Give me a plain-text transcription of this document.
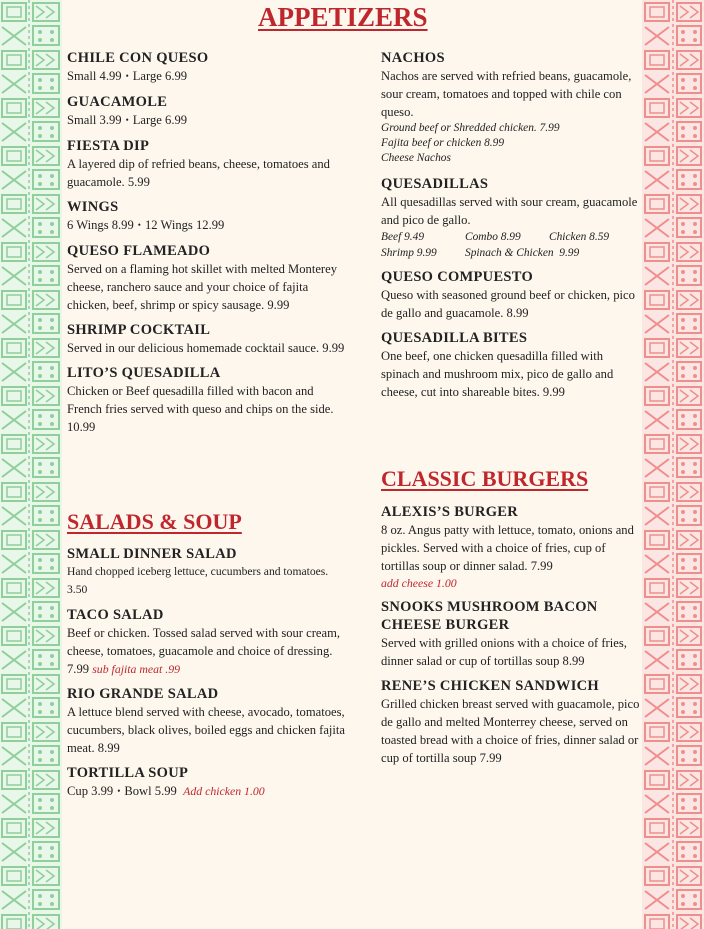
APPETIZERS
CHILE CON QUESO
Small 4.99 • Large 6.99
GUACAMOLE
Small 3.99 • Large 6.99
FIESTA DIP
A layered dip of refried beans, cheese, tomatoes and guacamole. 5.99
WINGS
6 Wings 8.99 • 12 Wings 12.99
QUESO FLAMEADO
Served on a flaming hot skillet with melted Monterey cheese, ranchero sauce and your choice of fajita chicken, beef, shrimp or spicy sausage. 9.99
SHRIMP COCKTAIL
Served in our delicious homemade cocktail sauce. 9.99
LITO’S QUESADILLA
Chicken or Beef quesadilla filled with bacon and French fries served with queso and chips on the side. 10.99
NACHOS
Nachos are served with refried beans, guacamole, sour cream, tomatoes and topped with chile con queso.
Ground beef or Shredded chicken. 7.99
Fajita beef or chicken 8.99
Cheese Nachos
QUESADILLAS
All quesadillas served with sour cream, guacamole and pico de gallo.
Beef 9.49	Combo 8.99	Chicken 8.59
Shrimp 9.99	Spinach & Chicken  9.99
QUESO COMPUESTO
Queso with seasoned ground beef or chicken, pico de gallo and guacamole. 8.99
QUESADILLA BITES
One beef, one chicken quesadilla filled with spinach and mushroom mix, pico de gallo and cheese, cut into shareable bites. 9.99
SALADS & SOUP
SMALL DINNER SALAD
Hand chopped iceberg lettuce, cucumbers and tomatoes. 3.50
TACO SALAD
Beef or chicken. Tossed salad served with sour cream, cheese, tomatoes, guacamole and choice of dressing. 7.99 sub fajita meat .99
RIO GRANDE SALAD
A lettuce blend served with cheese, avocado, tomatoes, cucumbers, black olives, boiled eggs and chicken fajita meat. 8.99
TORTILLA SOUP
Cup 3.99 • Bowl 5.99 Add chicken 1.00
CLASSIC BURGERS
ALEXIS’S BURGER
8 oz. Angus patty with lettuce, tomato, onions and pickles. Served with a choice of fries, cup of tortillas soup or dinner salad. 7.99
add cheese 1.00
SNOOKS MUSHROOM BACON CHEESE BURGER
Served with grilled onions with a choice of fries, dinner salad or cup of tortillas soup 8.99
RENE’S CHICKEN SANDWICH
Grilled chicken breast served with guacamole, pico de gallo and melted Monterrey cheese, served on toasted bread with a choice of fries, dinner salad or cup of tortilla soup 7.99
